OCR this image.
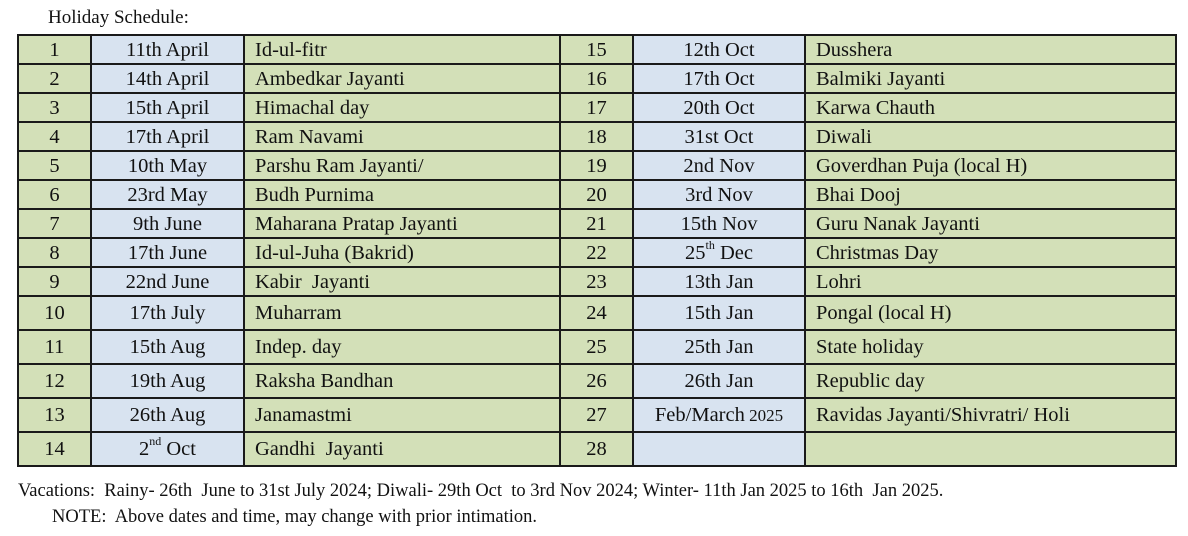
Holiday Schedule:
1	11th April	Id-ul-fitr	15	12th Oct	Dusshera
2	14th April	Ambedkar Jayanti	16	17th Oct	Balmiki Jayanti
3	15th April	Himachal day	17	20th Oct	Karwa Chauth
4	17th April	Ram Navami	18	31st Oct	Diwali
5	10th May	Parshu Ram Jayanti/	19	2nd Nov	Goverdhan Puja (local H)
6	23rd May	Budh Purnima	20	3rd Nov	Bhai Dooj
7	9th June	Maharana Pratap Jayanti	21	15th Nov	Guru Nanak Jayanti
8	17th June	Id-ul-Juha (Bakrid)	22	25th Dec	Christmas Day
9	22nd June	Kabir  Jayanti	23	13th Jan	Lohri
10	17th July	Muharram	24	15th Jan	Pongal (local H)
11	15th Aug	Indep. day	25	25th Jan	State holiday
12	19th Aug	Raksha Bandhan	26	26th Jan	Republic day
13	26th Aug	Janamastmi	27	Feb/March 2025	Ravidas Jayanti/Shivratri/ Holi
14	2nd Oct	Gandhi  Jayanti	28		
Vacations:  Rainy- 26th  June to 31st July 2024; Diwali- 29th Oct  to 3rd Nov 2024; Winter- 11th Jan 2025 to 16th  Jan 2025.
NOTE:  Above dates and time, may change with prior intimation.
